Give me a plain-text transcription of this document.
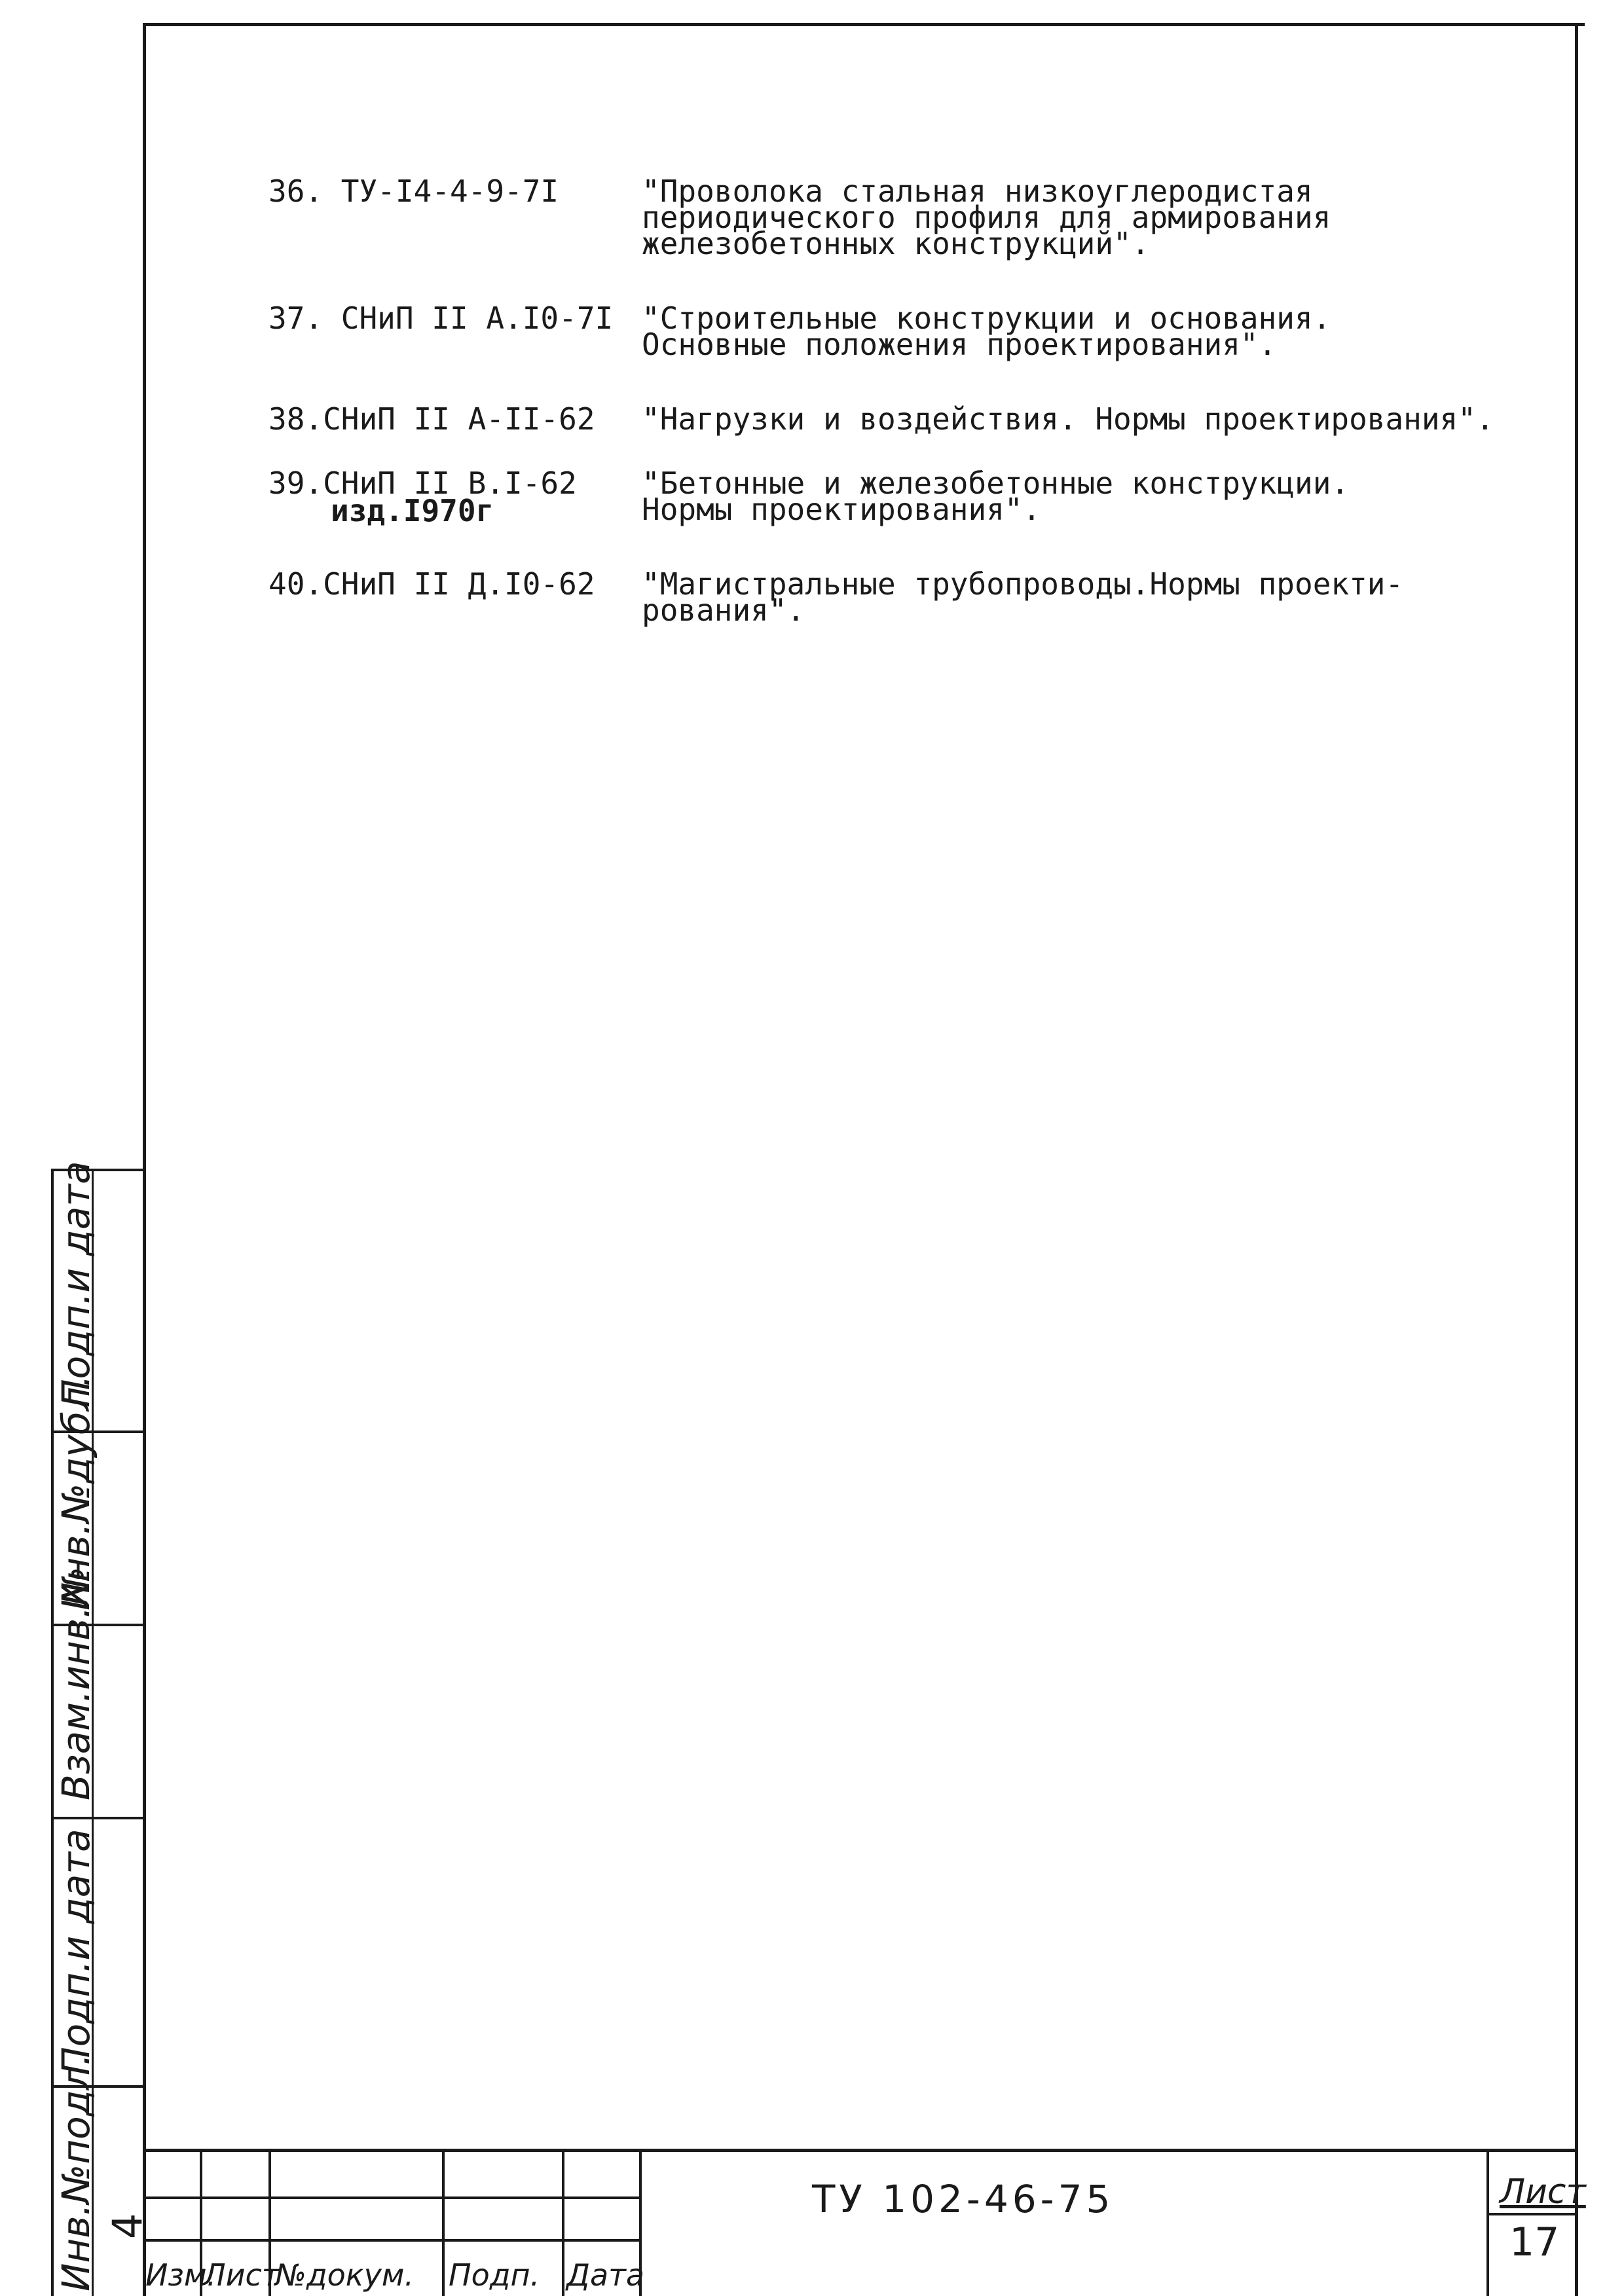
36. ТУ-I4-4-9-7I	"Проволока стальная низкоуглеродистая
периодического профиля для армирования
железобетонных конструкций".
37. СНиП II А.I0-7I "Строительные конструкции и основания.
Основные положения проектирования".
38.СНиП II А-II-62 "Нагрузки и воздействия. Нормы проектирования".
39.СНиП II В.I-62
изд.I970г
"Бетонные и железобетонные конструкции.
Нормы проектирования".
40.СНиП II Д.I0-62 "Магистральные трубопроводы.Нормы проекти-
рования".
Подп.и дата
Инв.№дубл.
Взам.инв.№
Подп.и дата
Инв.№подл. 4
Изм.
Лист
№докум. Подп. Дата
ТУ 102-46-75	Лист
17
